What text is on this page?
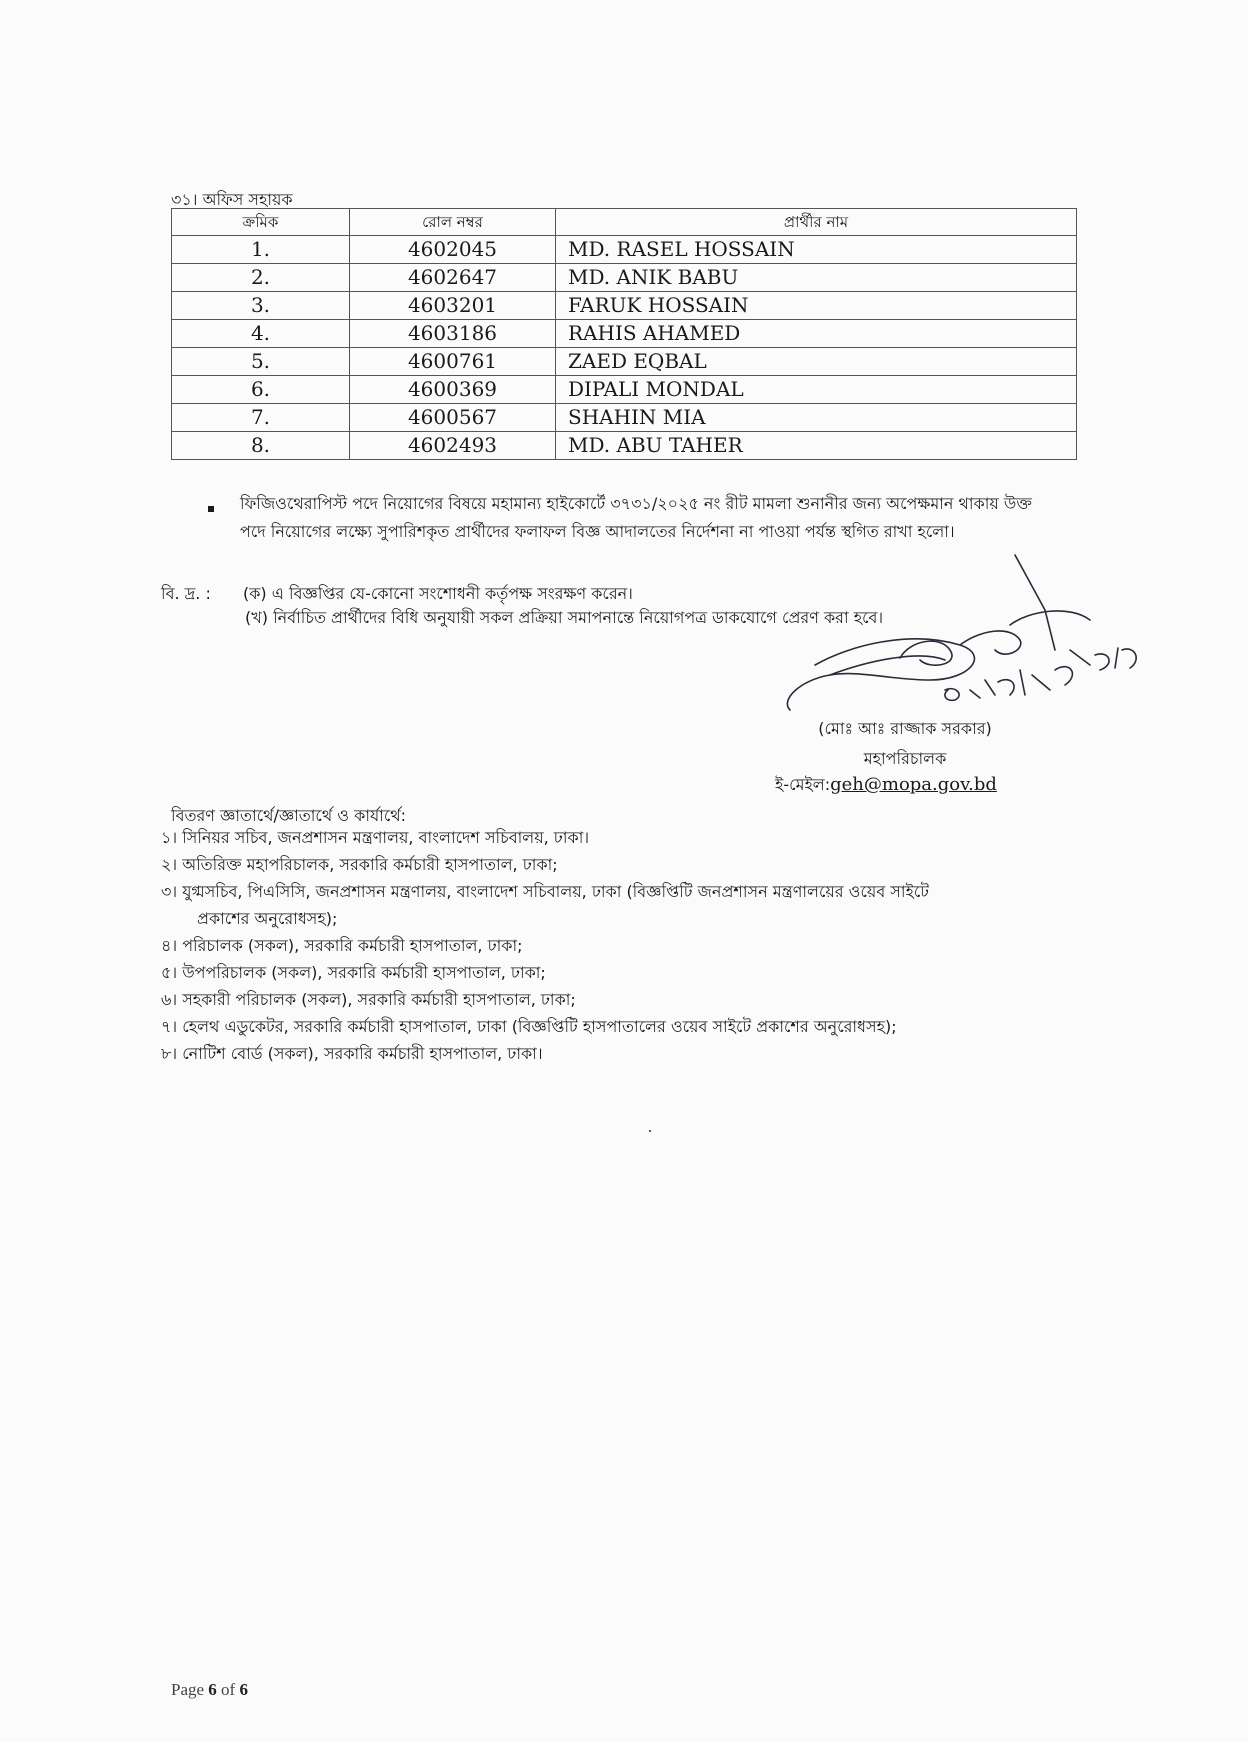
৩১। অফিস সহায়ক
ক্রমিক	রোল নম্বর	প্রার্থীর নাম
1.	4602045	MD. RASEL HOSSAIN
2.	4602647	MD. ANIK BABU
3.	4603201	FARUK HOSSAIN
4.	4603186	RAHIS AHAMED
5.	4600761	ZAED EQBAL
6.	4600369	DIPALI MONDAL
7.	4600567	SHAHIN MIA
8.	4602493	MD. ABU TAHER
ফিজিওথেরাপিস্ট পদে নিয়োগের বিষয়ে মহামান্য হাইকোর্টে ৩৭৩১/২০২৫ নং রীট মামলা শুনানীর জন্য অপেক্ষমান থাকায় উক্ত পদে নিয়োগের লক্ষ্যে সুপারিশকৃত প্রার্থীদের ফলাফল বিজ্ঞ আদালতের নির্দেশনা না পাওয়া পর্যন্ত স্থগিত রাখা হলো।
বি. দ্র. : (ক) এ বিজ্ঞপ্তির যে-কোনো সংশোধনী কর্তৃপক্ষ সংরক্ষণ করেন।
(খ) নির্বাচিত প্রার্থীদের বিধি অনুযায়ী সকল প্রক্রিয়া সমাপনান্তে নিয়োগপত্র ডাকযোগে প্রেরণ করা হবে।
(মোঃ আঃ রাজ্জাক সরকার)
মহাপরিচালক
ই-মেইল:geh@mopa.gov.bd
বিতরণ জ্ঞাতার্থে/জ্ঞাতার্থে ও কার্যার্থে:
১। সিনিয়র সচিব, জনপ্রশাসন মন্ত্রণালয়, বাংলাদেশ সচিবালয়, ঢাকা।
২। অতিরিক্ত মহাপরিচালক, সরকারি কর্মচারী হাসপাতাল, ঢাকা;
৩। যুগ্মসচিব, পিএসিসি, জনপ্রশাসন মন্ত্রণালয়, বাংলাদেশ সচিবালয়, ঢাকা (বিজ্ঞপ্তিটি জনপ্রশাসন মন্ত্রণালয়ের ওয়েব সাইটে
প্রকাশের অনুরোধসহ);
৪। পরিচালক (সকল), সরকারি কর্মচারী হাসপাতাল, ঢাকা;
৫। উপপরিচালক (সকল), সরকারি কর্মচারী হাসপাতাল, ঢাকা;
৬। সহকারী পরিচালক (সকল), সরকারি কর্মচারী হাসপাতাল, ঢাকা;
৭। হেলথ এডুকেটর, সরকারি কর্মচারী হাসপাতাল, ঢাকা (বিজ্ঞপ্তিটি হাসপাতালের ওয়েব সাইটে প্রকাশের অনুরোধসহ);
৮। নোটিশ বোর্ড (সকল), সরকারি কর্মচারী হাসপাতাল, ঢাকা।
Page 6 of 6
